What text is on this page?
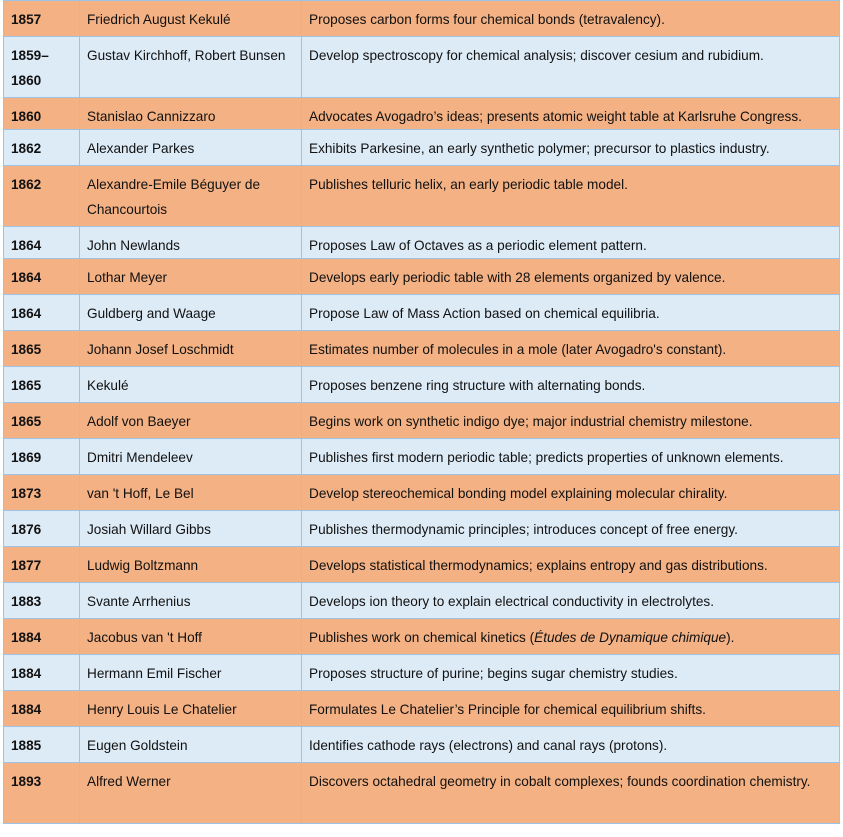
1857	Friedrich August Kekulé	Proposes carbon forms four chemical bonds (tetravalency).
1859–1860	Gustav Kirchhoff, Robert Bunsen	Develop spectroscopy for chemical analysis; discover cesium and rubidium.
1860	Stanislao Cannizzaro	Advocates Avogadro’s ideas; presents atomic weight table at Karlsruhe Congress.
1862	Alexander Parkes	Exhibits Parkesine, an early synthetic polymer; precursor to plastics industry.
1862	Alexandre-Emile Béguyer de Chancourtois	Publishes telluric helix, an early periodic table model.
1864	John Newlands	Proposes Law of Octaves as a periodic element pattern.
1864	Lothar Meyer	Develops early periodic table with 28 elements organized by valence.
1864	Guldberg and Waage	Propose Law of Mass Action based on chemical equilibria.
1865	Johann Josef Loschmidt	Estimates number of molecules in a mole (later Avogadro's constant).
1865	Kekulé	Proposes benzene ring structure with alternating bonds.
1865	Adolf von Baeyer	Begins work on synthetic indigo dye; major industrial chemistry milestone.
1869	Dmitri Mendeleev	Publishes first modern periodic table; predicts properties of unknown elements.
1873	van 't Hoff, Le Bel	Develop stereochemical bonding model explaining molecular chirality.
1876	Josiah Willard Gibbs	Publishes thermodynamic principles; introduces concept of free energy.
1877	Ludwig Boltzmann	Develops statistical thermodynamics; explains entropy and gas distributions.
1883	Svante Arrhenius	Develops ion theory to explain electrical conductivity in electrolytes.
1884	Jacobus van 't Hoff	Publishes work on chemical kinetics (Études de Dynamique chimique).
1884	Hermann Emil Fischer	Proposes structure of purine; begins sugar chemistry studies.
1884	Henry Louis Le Chatelier	Formulates Le Chatelier’s Principle for chemical equilibrium shifts.
1885	Eugen Goldstein	Identifies cathode rays (electrons) and canal rays (protons).
1893	Alfred Werner	Discovers octahedral geometry in cobalt complexes; founds coordination chemistry.
